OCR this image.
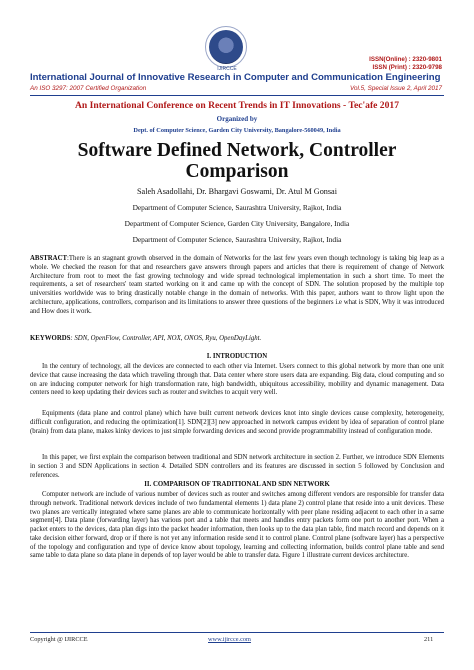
IJIRCCE
ISSN(Online) : 2320-9801
ISSN (Print) : 2320-9798
International Journal of Innovative Research in Computer and Communication Engineering
An ISO 3297: 2007 Certified Organization	Vol.5, Special Issue 2, April 2017
An International Conference on Recent Trends in IT Innovations - Tec'afe 2017
Organized by
Dept. of Computer Science, Garden City University, Bangalore-560049, India
Software Defined Network, Controller
Comparison
Saleh Asadollahi, Dr. Bhargavi Goswami, Dr. Atul M Gonsai
Department of Computer Science, Saurashtra University, Rajkot, India
Department of Computer Science, Garden City University, Bangalore, India
Department of Computer Science, Saurashtra University, Rajkot, India
ABSTRACT:There is an stagnant growth observed in the domain of Networks for the last few years even though technology is taking big leap as a whole. We checked the reason for that and researchers gave answers through papers and articles that there is requirement of change of Network Architecture from root to meet the fast growing technology and wide spread technological implementation in such a short time. To meet the requirements, a set of researchers' team started working on it and came up with the concept of SDN. The solution proposed by the multiple top universities worldwide was to bring drastically notable change in the domain of networks. With this paper, authors want to throw light upon the architecture, applications, controllers, comparison and its limitations to answer three questions of the beginners i.e what is SDN, Why it was introduced and How does it work.
KEYWORDS: SDN, OpenFlow, Controller, API, NOX, ONOS, Ryu, OpenDayLight.
I. INTRODUCTION
In the century of technology, all the devices are connected to each other via Internet. Users connect to this global network by more than one unit device that cause increasing the data which traveling through that. Data center where store users data are expanding. Big data, cloud computing and so on are inducing computer network for high transformation rate, high bandwidth, ubiquitous accessibility, mobility and dynamic management. Data centers need to keep updating their devices such as router and switches to acquit very well.
Equipments (data plane and control plane) which have built current network devices knot into single devices cause complexity, heterogeneity, difficult configuration, and reducing the optimization[1]. SDN[2][3] new approached in network campus evident by idea of separation of control plane (brain) from data plane, makes kinky devices to just simple forwarding devices and second provide programmability instead of configuration mode.
In this paper, we first explain the comparison between traditional and SDN network architecture in section 2. Further, we introduce SDN Elements in section 3 and SDN Applications in section 4. Detailed SDN controllers and its features are discussed in section 5 followed by Conclusion and references.
II. COMPARISON OF TRADITIONAL AND SDN NETWORK
Computer network are include of various number of devices such as router and switches among different vendors are responsible for transfer data through network. Traditional network devices include of two fundamental elements 1) data plane 2) control plane that reside into a unit devices. These two planes are vertically integrated where same planes are able to communicate horizontally with peer plane residing adjacent to each other in a same segment[4]. Data plane (forwarding layer) has various port and a table that meets and handles entry packets form one port to another port. When a packet enters to the devices, data plan digs into the packet header information, then looks up to the data plan table, find match record and depends on it take decision either forward, drop or if there is not yet any information reside send it to control plane. Control plane (software layer) has a perspective of the topology and configuration and type of device know about topology, learning and collecting information, builds control plane table and send same table to data plane so data plane in depends of top layer would be able to transfer data. Figure 1 illustrate current devices architecture.
Copyright @ IJIRCCE	www.ijircce.com	211
